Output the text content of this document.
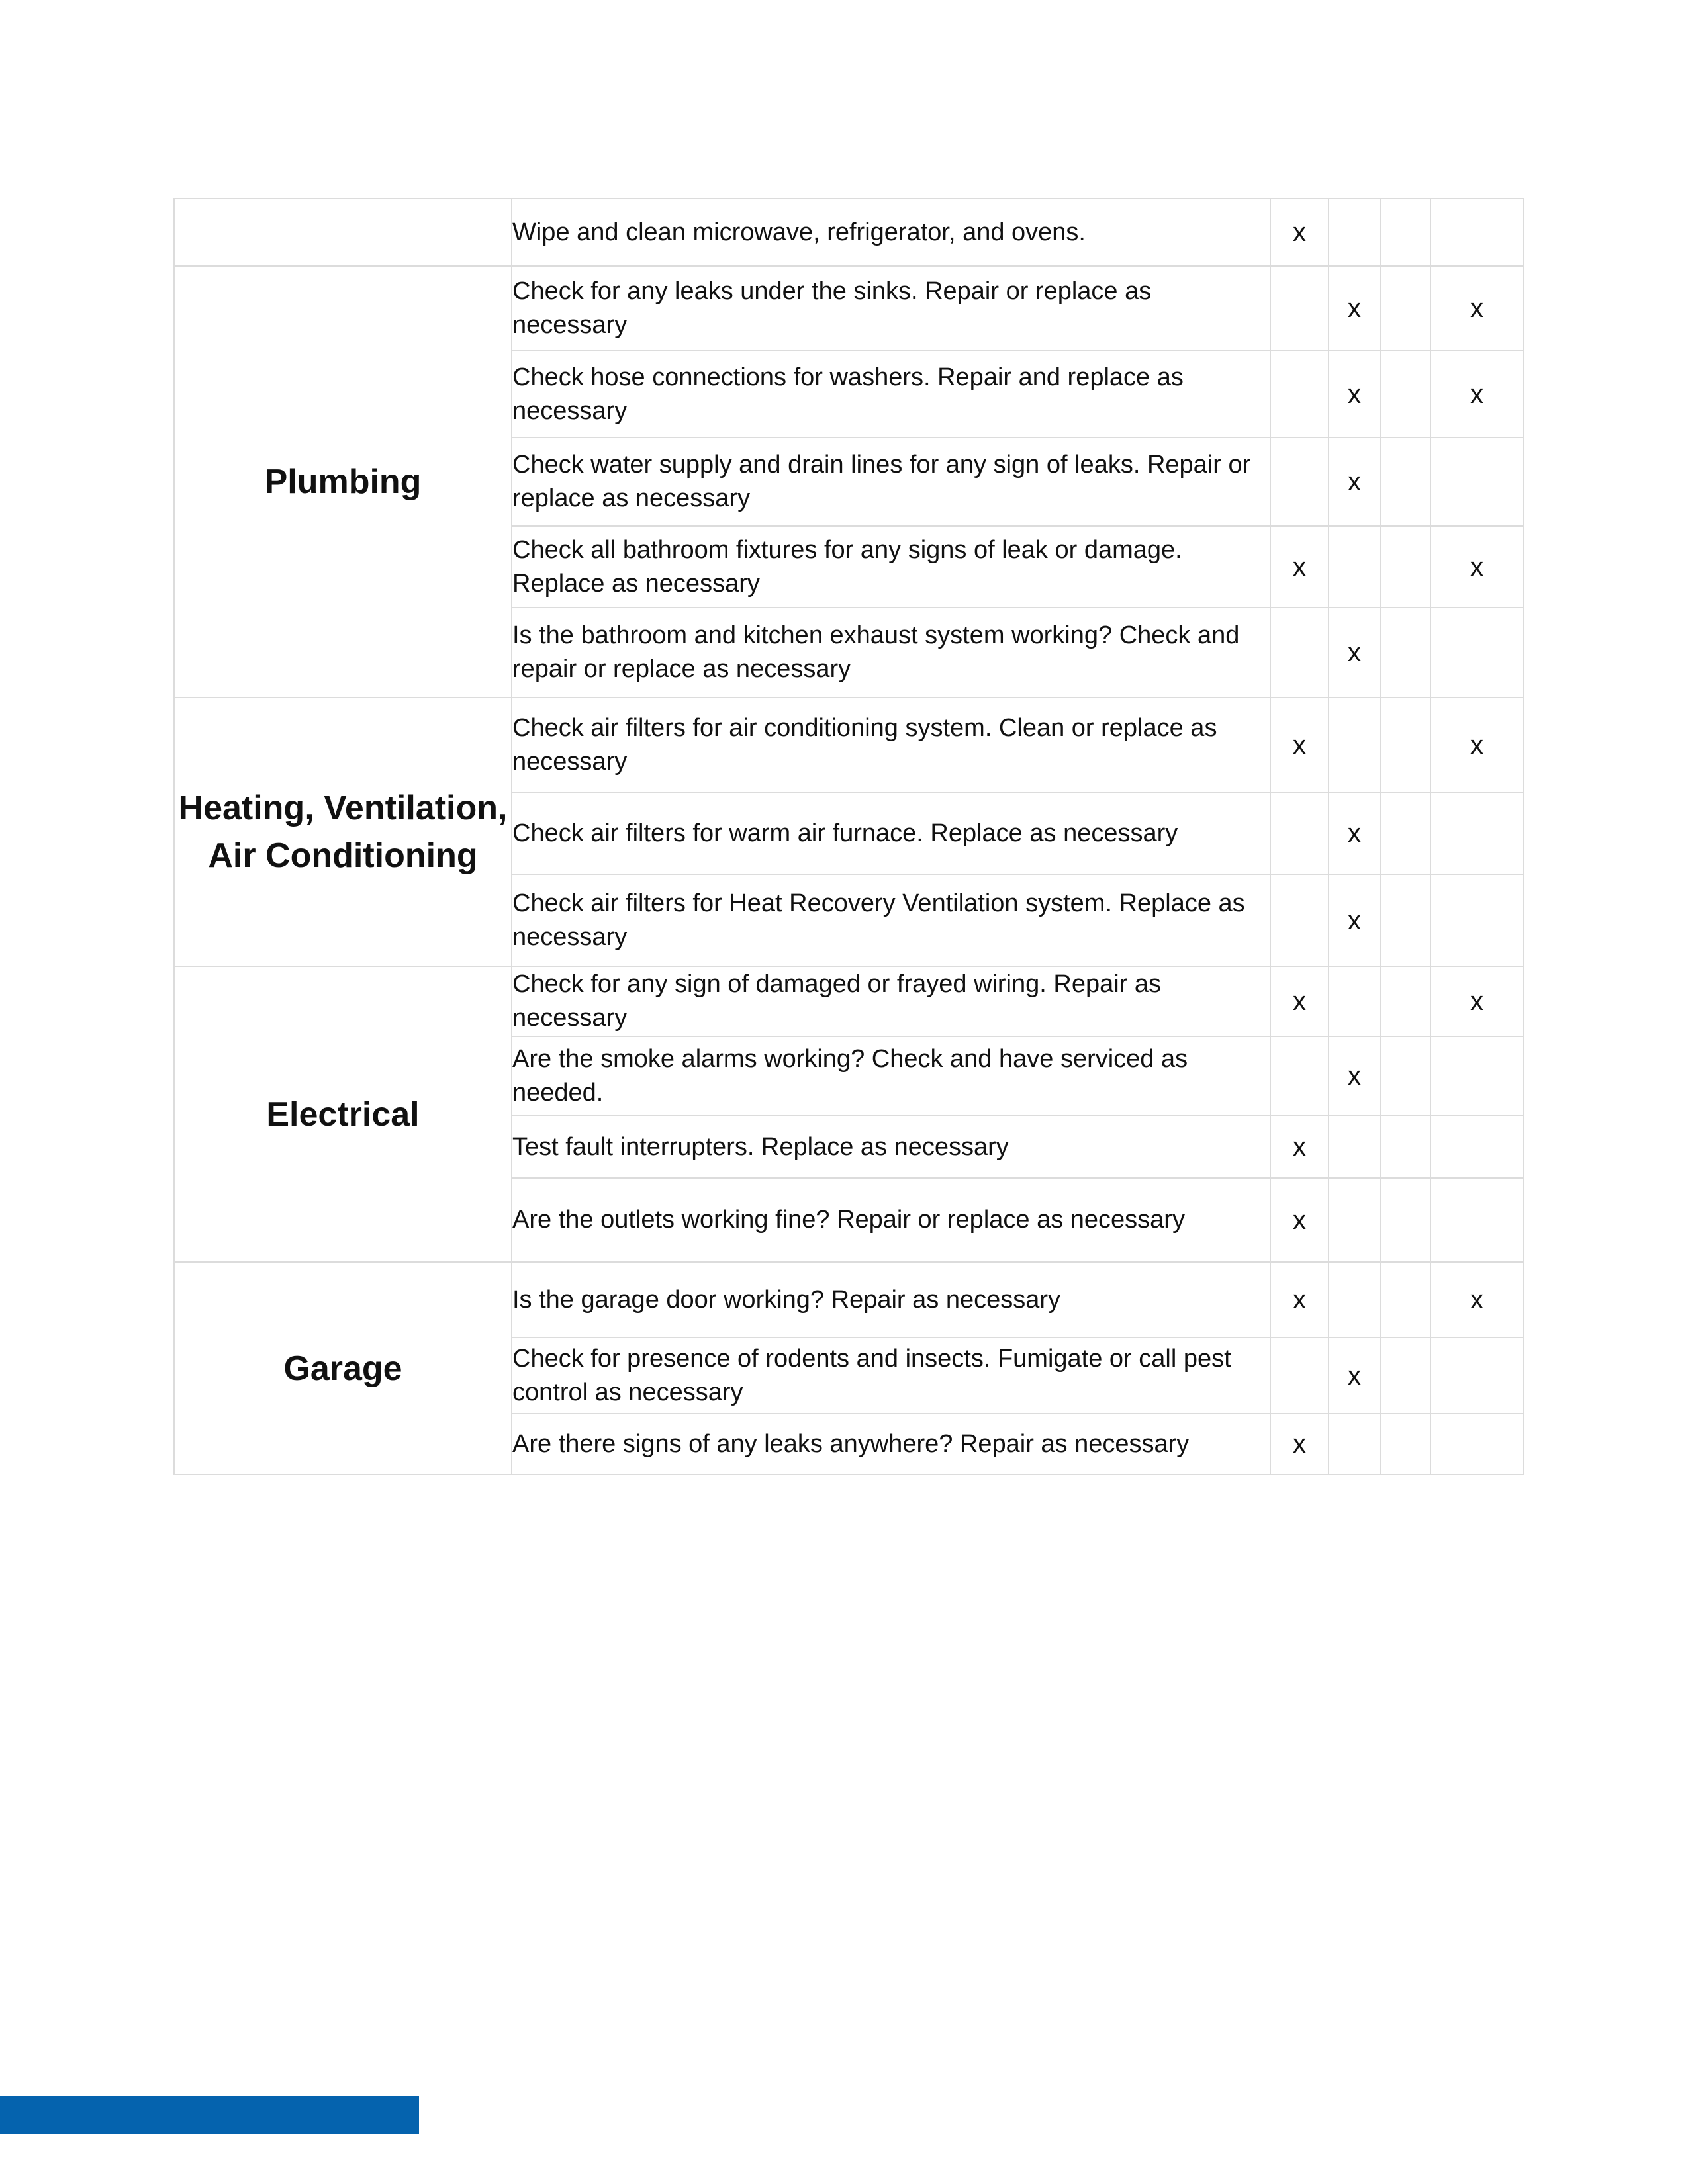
	Wipe and clean microwave, refrigerator, and ovens.	x			
Plumbing	Check for any leaks under the sinks. Repair or replace as necessary		x		x
	Check hose connections for washers. Repair and replace as necessary		x		x
	Check water supply and drain lines for any sign of leaks. Repair or replace as necessary		x		
	Check all bathroom fixtures for any signs of leak or damage. Replace as necessary	x			x
	Is the bathroom and kitchen exhaust system working? Check and repair or replace as necessary		x		
Heating, Ventilation, Air Conditioning	Check air filters for air conditioning system. Clean or replace as necessary	x			x
	Check air filters for warm air furnace. Replace as necessary		x		
	Check air filters for Heat Recovery Ventilation system. Replace as necessary		x		
Electrical	Check for any sign of damaged or frayed wiring. Repair as necessary	x			x
	Are the smoke alarms working? Check and have serviced as needed.		x		
	Test fault interrupters. Replace as necessary	x			
	Are the outlets working fine? Repair or replace as necessary	x			
Garage	Is the garage door working? Repair as necessary	x			x
	Check for presence of rodents and insects. Fumigate or call pest control as necessary		x		
	Are there signs of any leaks anywhere? Repair as necessary	x			
